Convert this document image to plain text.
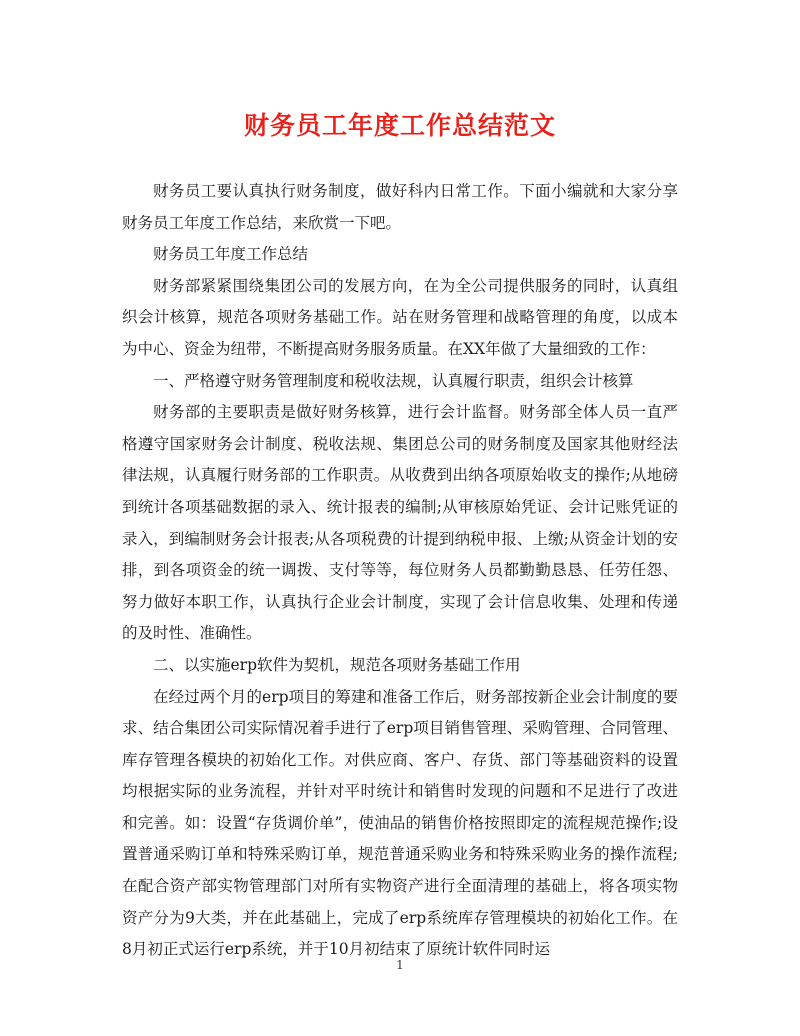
财务员工年度工作总结范文

财务员工要认真执行财务制度，做好科内日常工作。下面小编就和大家分享财务员工年度工作总结，来欣赏一下吧。

财务员工年度工作总结

财务部紧紧围绕集团公司的发展方向，在为全公司提供服务的同时，认真组织会计核算，规范各项财务基础工作。站在财务管理和战略管理的角度，以成本为中心、资金为纽带，不断提高财务服务质量。在XX年做了大量细致的工作：

一、严格遵守财务管理制度和税收法规，认真履行职责，组织会计核算

财务部的主要职责是做好财务核算，进行会计监督。财务部全体人员一直严格遵守国家财务会计制度、税收法规、集团总公司的财务制度及国家其他财经法律法规，认真履行财务部的工作职责。从收费到出纳各项原始收支的操作;从地磅到统计各项基础数据的录入、统计报表的编制;从审核原始凭证、会计记账凭证的录入，到编制财务会计报表;从各项税费的计提到纳税申报、上缴;从资金计划的安排，到各项资金的统一调拨、支付等等，每位财务人员都勤勤恳恳、任劳任怨、努力做好本职工作，认真执行企业会计制度，实现了会计信息收集、处理和传递的及时性、准确性。

二、以实施erp软件为契机，规范各项财务基础工作用

在经过两个月的erp项目的筹建和准备工作后，财务部按新企业会计制度的要求、结合集团公司实际情况着手进行了erp项目销售管理、采购管理、合同管理、库存管理各模块的初始化工作。对供应商、客户、存货、部门等基础资料的设置均根据实际的业务流程，并针对平时统计和销售时发现的问题和不足进行了改进和完善。如：设置“存货调价单”，使油品的销售价格按照即定的流程规范操作;设置普通采购订单和特殊采购订单，规范普通采购业务和特殊采购业务的操作流程;在配合资产部实物管理部门对所有实物资产进行全面清理的基础上，将各项实物资产分为9大类，并在此基础上，完成了erp系统库存管理模块的初始化工作。在8月初正式运行erp系统，并于10月初结束了原统计软件同时运

1
